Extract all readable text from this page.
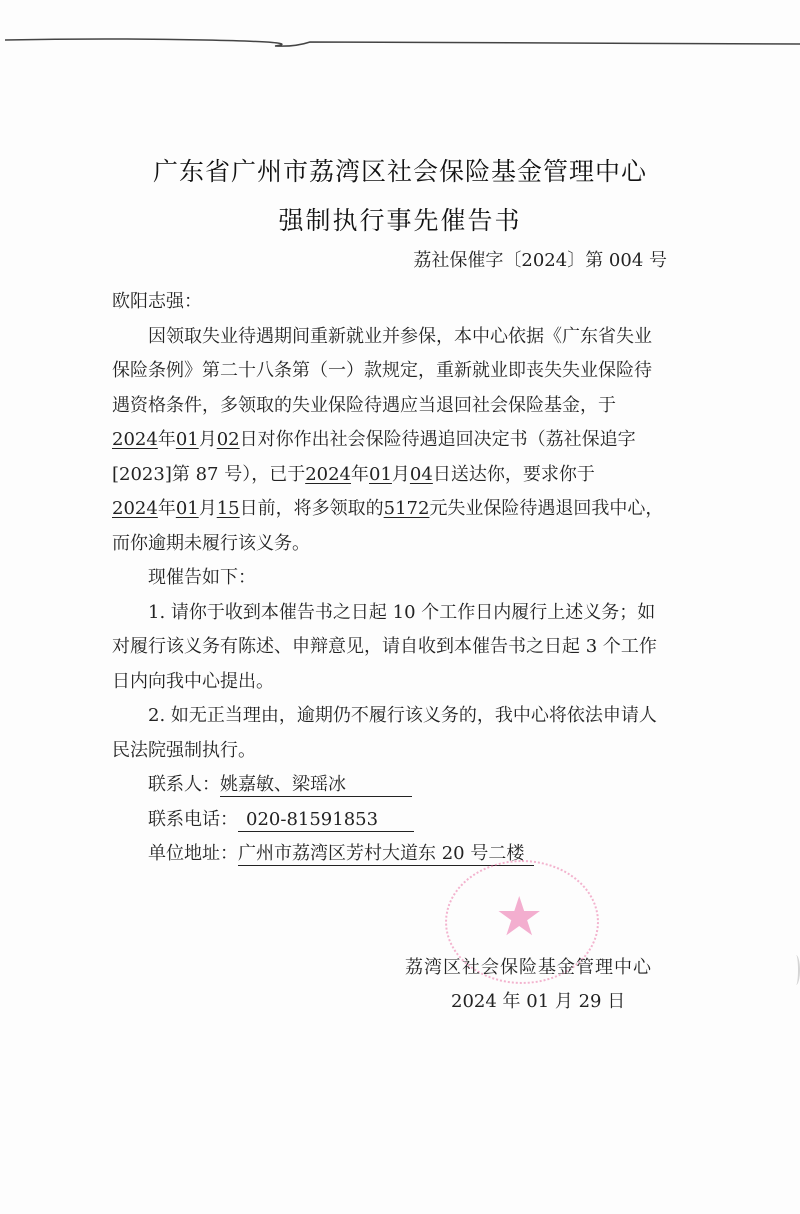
广东省广州市荔湾区社会保险基金管理中心
强制执行事先催告书
荔社保催字〔2024〕第 004 号
欧阳志强：
因领取失业待遇期间重新就业并参保，本中心依据《广东省失业
保险条例》第二十八条第（一）款规定，重新就业即丧失失业保险待
遇资格条件，多领取的失业保险待遇应当退回社会保险基金，于
2024年01月02日对你作出社会保险待遇追回决定书（荔社保追字
[2023]第 87 号），已于2024年01月04日送达你，要求你于
2024年01月15日前，将多领取的5172元失业保险待遇退回我中心，
而你逾期未履行该义务。
现催告如下：
1. 请你于收到本催告书之日起 10 个工作日内履行上述义务；如
对履行该义务有陈述、申辩意见，请自收到本催告书之日起 3 个工作
日内向我中心提出。
2. 如无正当理由，逾期仍不履行该义务的，我中心将依法申请人
民法院强制执行。
联系人：姚嘉敏、梁瑶冰
联系电话： 020-81591853
单位地址：广州市荔湾区芳村大道东 20 号二楼
★
荔湾区社会保险基金管理中心
2024 年 01 月 29 日
